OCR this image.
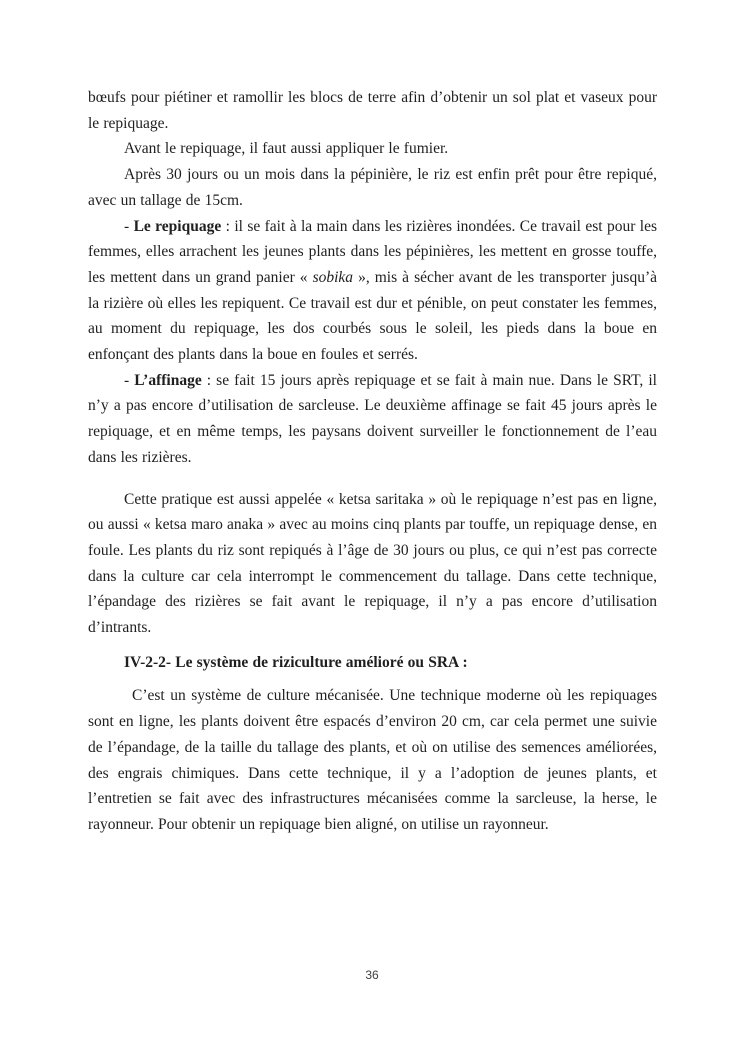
bœufs pour piétiner et ramollir les blocs de terre afin d’obtenir un sol plat et vaseux pour le repiquage.

Avant le repiquage, il faut aussi appliquer le fumier.

Après 30 jours ou un mois dans la pépinière, le riz est enfin prêt pour être repiqué, avec un tallage de 15cm.

- Le repiquage : il se fait à la main dans les rizières inondées. Ce travail est pour les femmes, elles arrachent les jeunes plants dans les pépinières, les mettent en grosse touffe, les mettent dans un grand panier « sobika », mis à sécher avant de les transporter jusqu’à la rizière où elles les repiquent. Ce travail est dur et pénible, on peut constater les femmes, au moment du repiquage, les dos courbés sous le soleil, les pieds dans la boue en enfonçant des plants dans la boue en foules et serrés.

- L’affinage : se fait 15 jours après repiquage et se fait à main nue. Dans le SRT, il n’y a pas encore d’utilisation de sarcleuse. Le deuxième affinage se fait 45 jours après le repiquage, et en même temps, les paysans doivent surveiller le fonctionnement de l’eau dans les rizières.

Cette pratique est aussi appelée « ketsa saritaka » où le repiquage n’est pas en ligne, ou aussi « ketsa maro anaka » avec au moins cinq plants par touffe, un repiquage dense, en foule. Les plants du riz sont repiqués à l’âge de 30 jours ou plus, ce qui n’est pas correcte dans la culture car cela interrompt le commencement du tallage. Dans cette technique, l’épandage des rizières se fait avant le repiquage, il n’y a pas encore d’utilisation d’intrants.

IV-2-2- Le système de riziculture amélioré ou SRA :

C’est un système de culture mécanisée. Une technique moderne où les repiquages sont en ligne, les plants doivent être espacés d’environ 20 cm, car cela permet une suivie de l’épandage, de la taille du tallage des plants, et où on utilise des semences améliorées, des engrais chimiques. Dans cette technique, il y a l’adoption de jeunes plants, et l’entretien se fait avec des infrastructures mécanisées comme la sarcleuse, la herse, le rayonneur. Pour obtenir un repiquage bien aligné, on utilise un rayonneur.

36
